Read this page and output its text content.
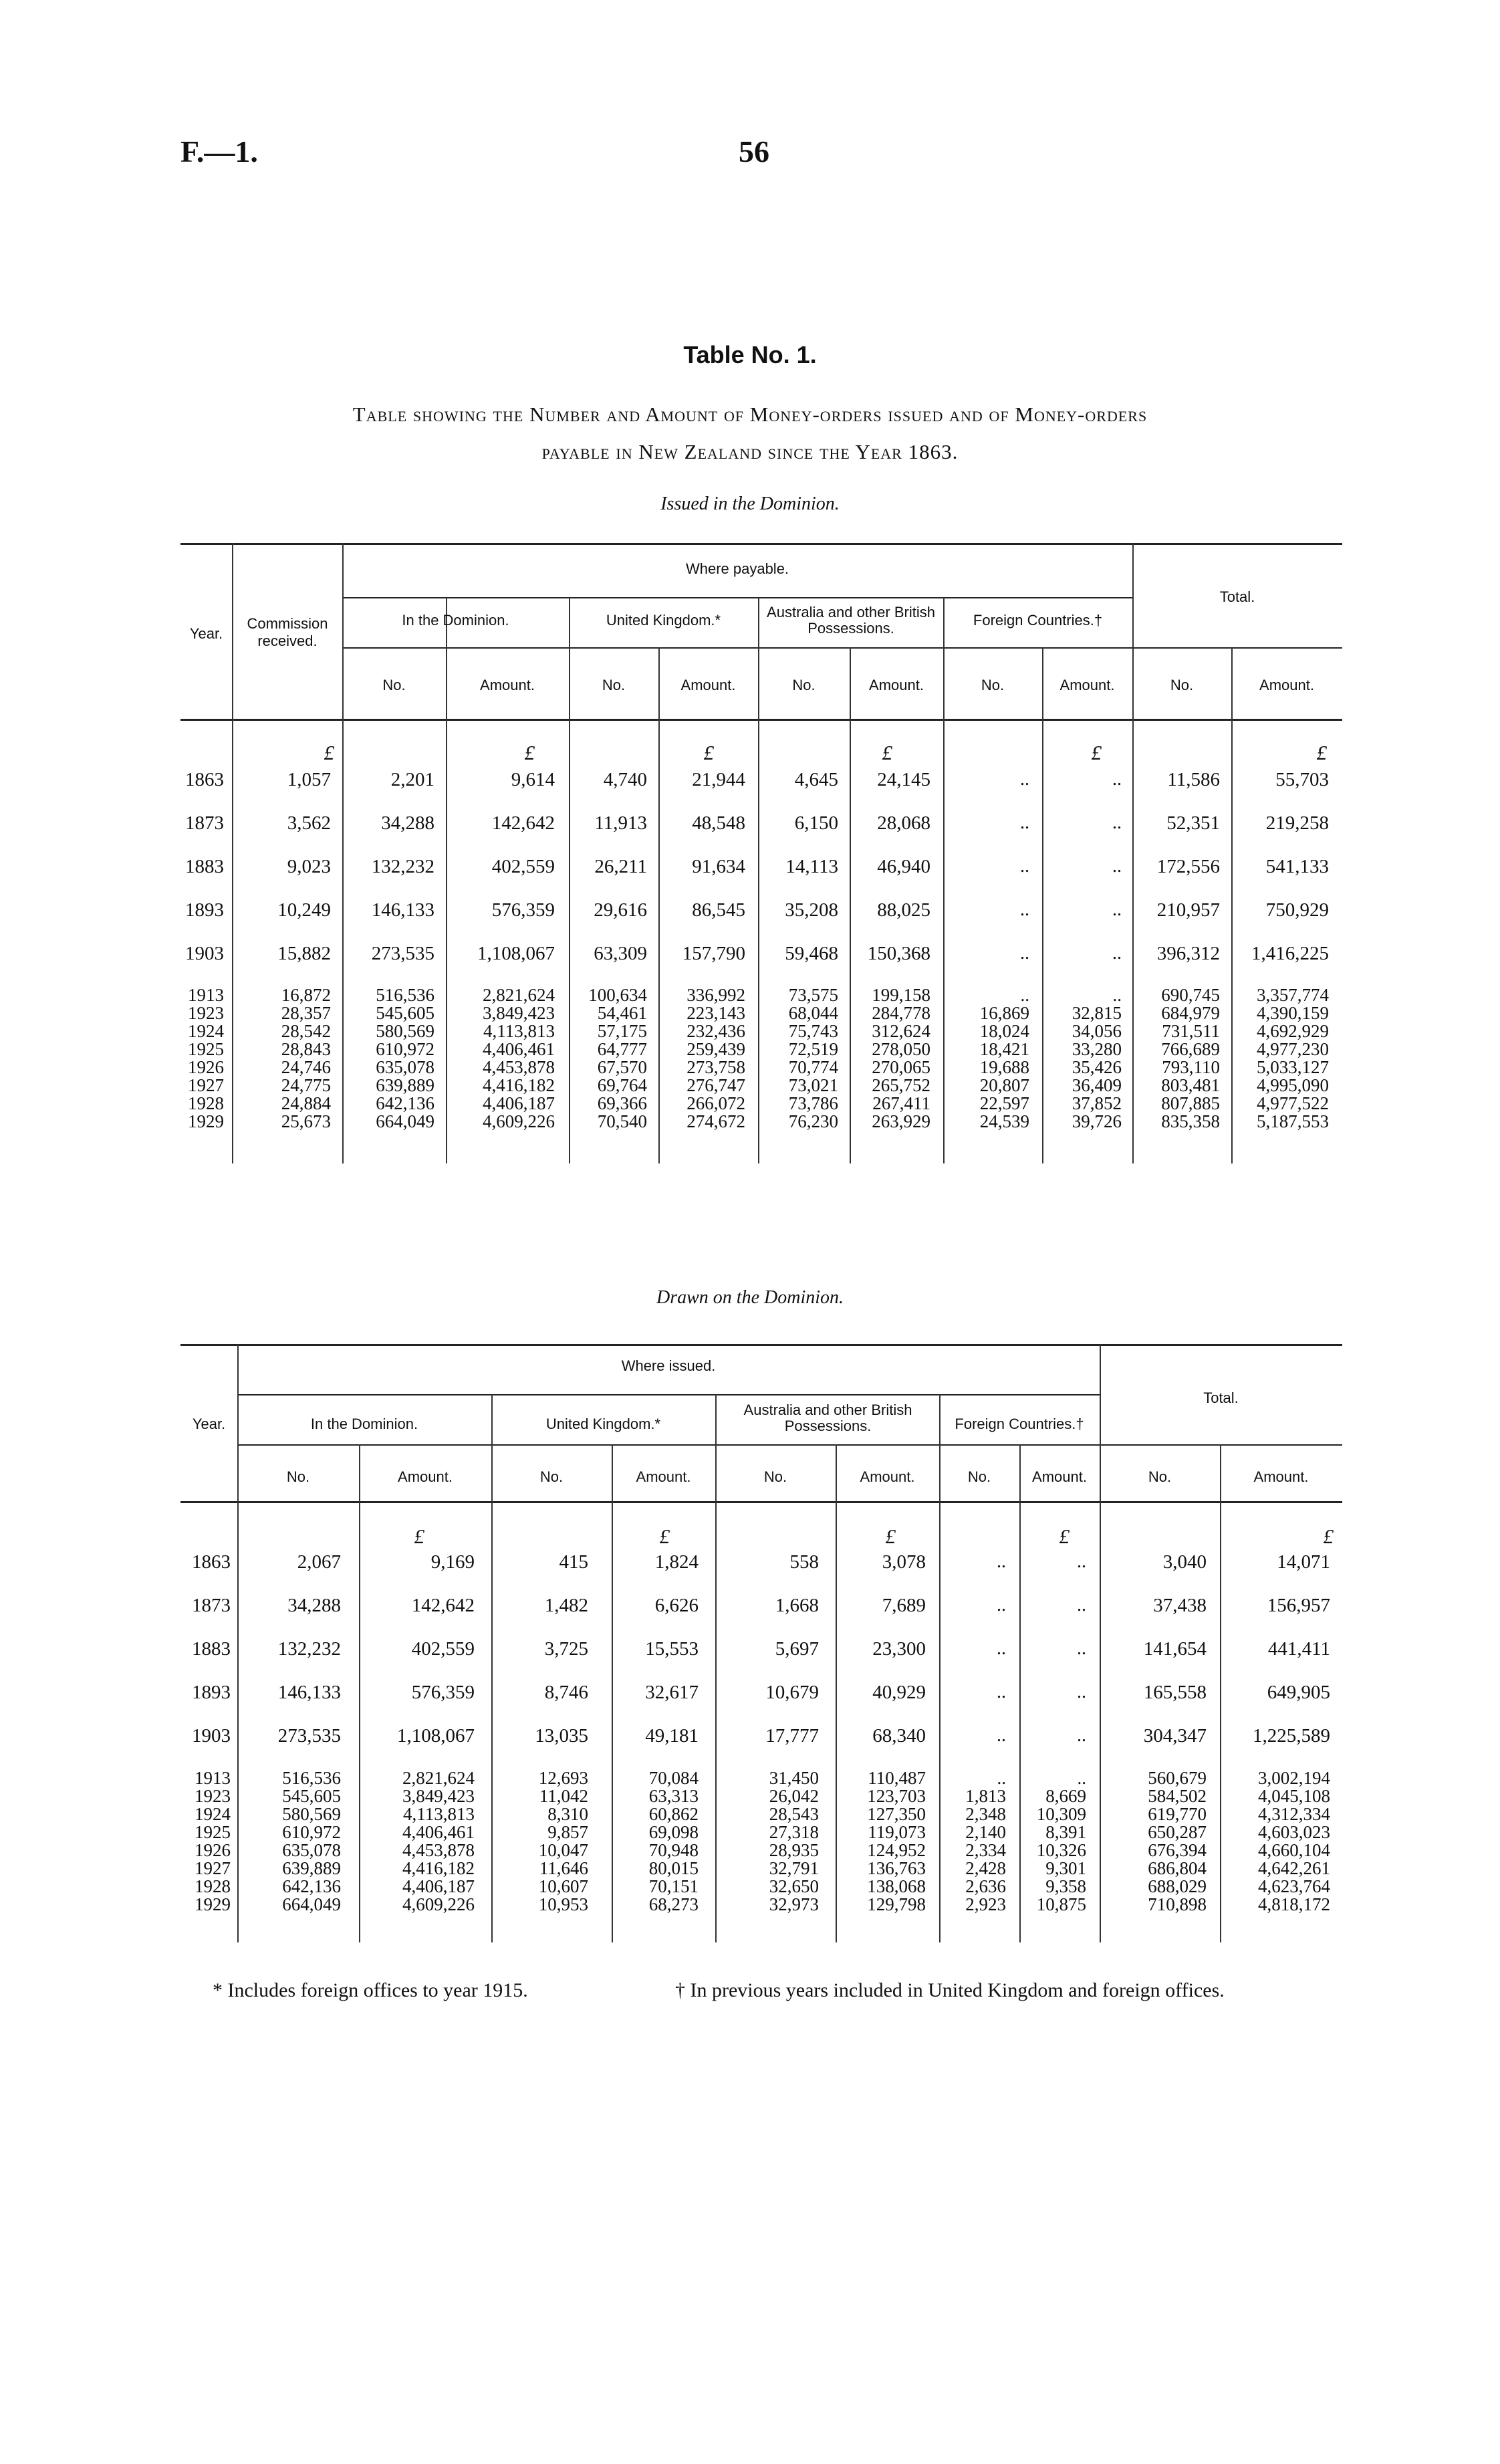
F.—1.	56
Table No. 1.
Table showing the Number and Amount of Money-orders issued and of Money-orders
payable in New Zealand since the Year 1863.
Issued in the Dominion.
Year.
Commission received.
Where payable.
In the Dominion.	United Kingdom.*	Australia and other British Possessions.	Foreign Countries.†
Total.
No.	Amount.	No.	Amount.	No.	Amount.	No.	Amount.	No.	Amount.
£	£	£	£	£	£
1863	1,057	2,201	9,614	4,740	21,944	4,645	24,145	..	..	11,586	55,703
1873	3,562	34,288	142,642	11,913	48,548	6,150	28,068	..	..	52,351	219,258
1883	9,023	132,232	402,559	26,211	91,634	14,113	46,940	..	..	172,556	541,133
1893	10,249	146,133	576,359	29,616	86,545	35,208	88,025	..	..	210,957	750,929
1903	15,882	273,535	1,108,067	63,309	157,790	59,468	150,368	..	..	396,312	1,416,225
1913	16,872	516,536	2,821,624	100,634	336,992	73,575	199,158	..	..	690,745	3,357,774
1923	28,357	545,605	3,849,423	54,461	223,143	68,044	284,778	16,869	32,815	684,979	4,390,159
1924	28,542	580,569	4,113,813	57,175	232,436	75,743	312,624	18,024	34,056	731,511	4,692,929
1925	28,843	610,972	4,406,461	64,777	259,439	72,519	278,050	18,421	33,280	766,689	4,977,230
1926	24,746	635,078	4,453,878	67,570	273,758	70,774	270,065	19,688	35,426	793,110	5,033,127
1927	24,775	639,889	4,416,182	69,764	276,747	73,021	265,752	20,807	36,409	803,481	4,995,090
1928	24,884	642,136	4,406,187	69,366	266,072	73,786	267,411	22,597	37,852	807,885	4,977,522
1929	25,673	664,049	4,609,226	70,540	274,672	76,230	263,929	24,539	39,726	835,358	5,187,553
Drawn on the Dominion.
Year.
Where issued.
In the Dominion.	United Kingdom.*
Australia and other British Possessions.	Foreign Countries.†
Total.
No.	Amount.	No.	Amount.	No.	Amount.	No.	Amount.	No.	Amount.
£	£	£	£	£
1863	2,067	9,169	415	1,824	558	3,078	..	..	3,040	14,071
1873	34,288	142,642	1,482	6,626	1,668	7,689	..	..	37,438	156,957
1883	132,232	402,559	3,725	15,553	5,697	23,300	..	..	141,654	441,411
1893	146,133	576,359	8,746	32,617	10,679	40,929	..	..	165,558	649,905
1903	273,535	1,108,067	13,035	49,181	17,777	68,340	..	..	304,347	1,225,589
1913	516,536	2,821,624	12,693	70,084	31,450	110,487	..	..	560,679	3,002,194
1923	545,605	3,849,423	11,042	63,313	26,042	123,703	1,813	8,669	584,502	4,045,108
1924	580,569	4,113,813	8,310	60,862	28,543	127,350	2,348	10,309	619,770	4,312,334
1925	610,972	4,406,461	9,857	69,098	27,318	119,073	2,140	8,391	650,287	4,603,023
1926	635,078	4,453,878	10,047	70,948	28,935	124,952	2,334	10,326	676,394	4,660,104
1927	639,889	4,416,182	11,646	80,015	32,791	136,763	2,428	9,301	686,804	4,642,261
1928	642,136	4,406,187	10,607	70,151	32,650	138,068	2,636	9,358	688,029	4,623,764
1929	664,049	4,609,226	10,953	68,273	32,973	129,798	2,923	10,875	710,898	4,818,172
* Includes foreign offices to year 1915.	† In previous years included in United Kingdom and foreign offices.
